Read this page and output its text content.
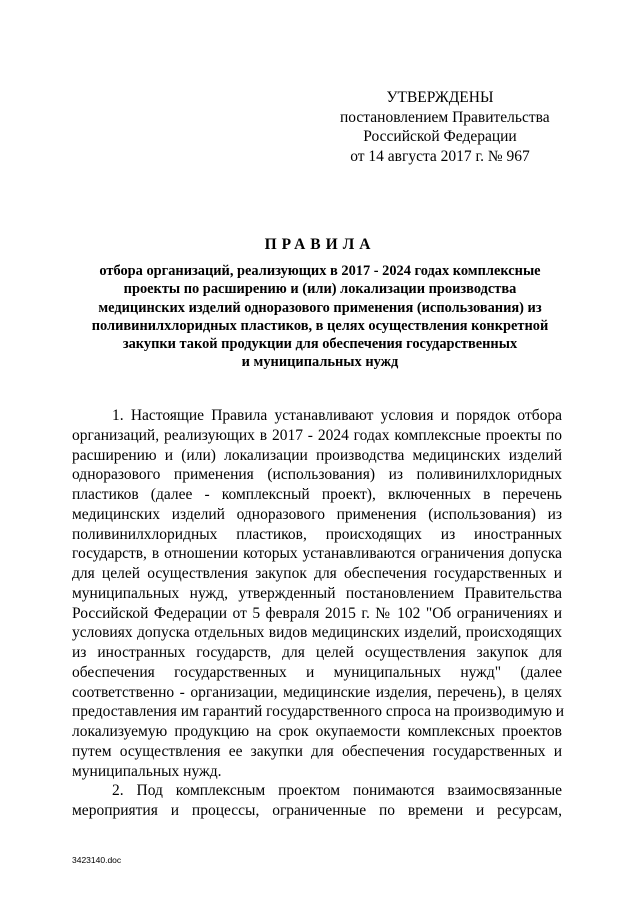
УТВЕРЖДЕНЫ
постановлением Правительства
Российской Федерации
от 14 августа 2017 г. № 967
ПРАВИЛА
отбора организаций, реализующих в 2017 - 2024 годах комплексные
проекты по расширению и (или) локализации производства
медицинских изделий одноразового применения (использования) из
поливинилхлоридных пластиков, в целях осуществления конкретной
закупки такой продукции для обеспечения государственных
и муниципальных нужд
1. Настоящие Правила устанавливают условия и порядок отбора
организаций, реализующих в 2017 - 2024 годах комплексные проекты по
расширению и (или) локализации производства медицинских изделий
одноразового применения (использования) из поливинилхлоридных
пластиков (далее - комплексный проект), включенных в перечень
медицинских изделий одноразового применения (использования) из
поливинилхлоридных пластиков, происходящих из иностранных
государств, в отношении которых устанавливаются ограничения допуска
для целей осуществления закупок для обеспечения государственных и
муниципальных нужд, утвержденный постановлением Правительства
Российской Федерации от 5 февраля 2015 г. № 102 "Об ограничениях и
условиях допуска отдельных видов медицинских изделий, происходящих
из иностранных государств, для целей осуществления закупок для
обеспечения государственных и муниципальных нужд" (далее
соответственно - организации, медицинские изделия, перечень), в целях
предоставления им гарантий государственного спроса на производимую и
локализуемую продукцию на срок окупаемости комплексных проектов
путем осуществления ее закупки для обеспечения государственных и
муниципальных нужд.
2. Под комплексным проектом понимаются взаимосвязанные
мероприятия и процессы, ограниченные по времени и ресурсам,
3423140.doc
